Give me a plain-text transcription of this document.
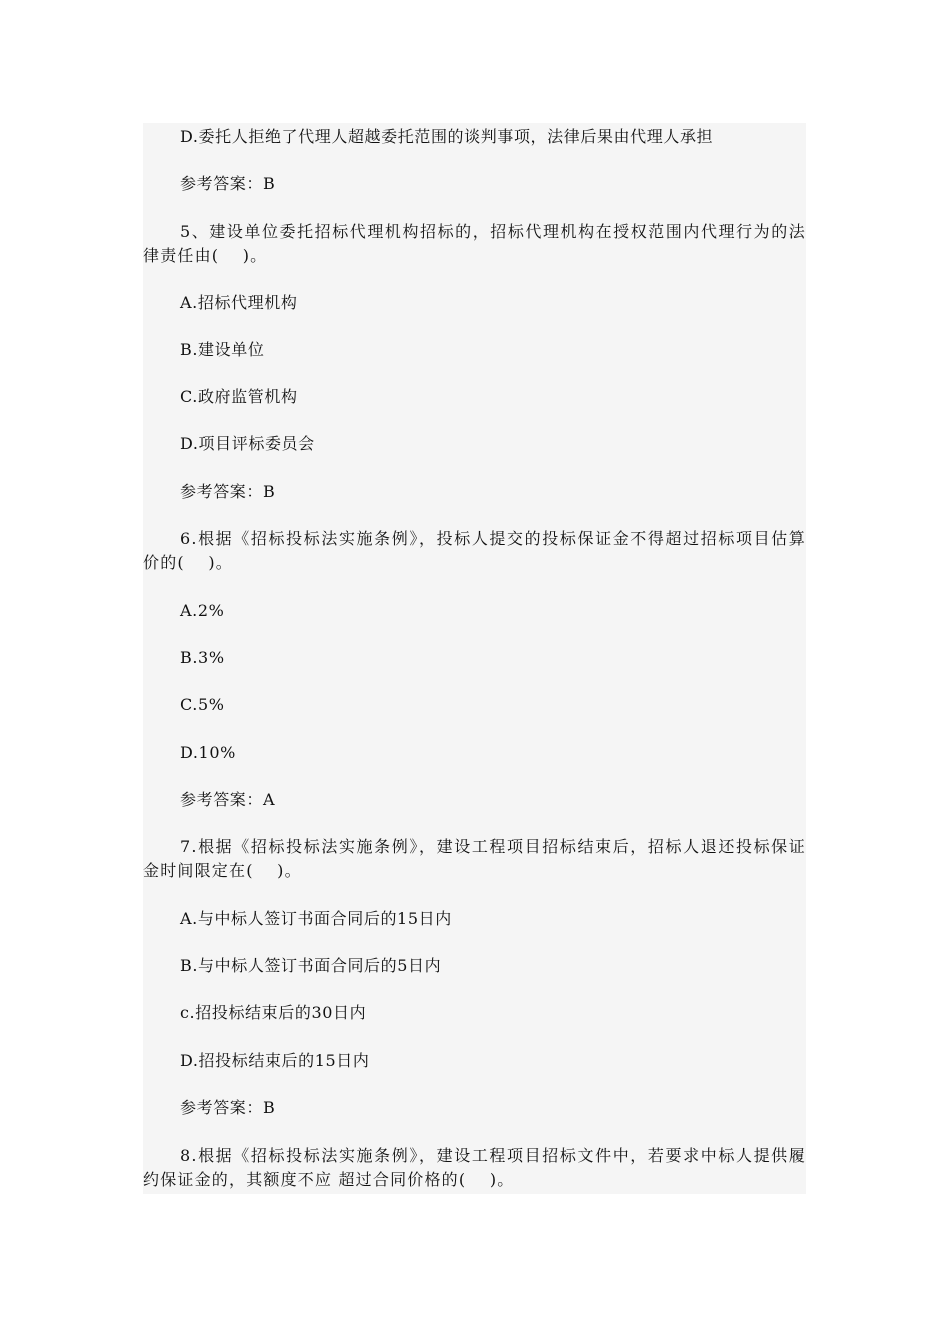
D.委托人拒绝了代理人超越委托范围的谈判事项，法律后果由代理人承担
参考答案：B
5、建设单位委托招标代理机构招标的，招标代理机构在授权范围内代理行为的法律责任由(　 )。
A.招标代理机构
B.建设单位
C.政府监管机构
D.项目评标委员会
参考答案：B
6.根据《招标投标法实施条例》，投标人提交的投标保证金不得超过招标项目估算价的(　 )。
A.2%
B.3%
C.5%
D.10%
参考答案：A
7.根据《招标投标法实施条例》，建设工程项目招标结束后，招标人退还投标保证金时间限定在(　 )。
A.与中标人签订书面合同后的15日内
B.与中标人签订书面合同后的5日内
c.招投标结束后的30日内
D.招投标结束后的15日内
参考答案：B
8.根据《招标投标法实施条例》，建设工程项目招标文件中，若要求中标人提供履约保证金的，其额度不应 超过合同价格的(　 )。
